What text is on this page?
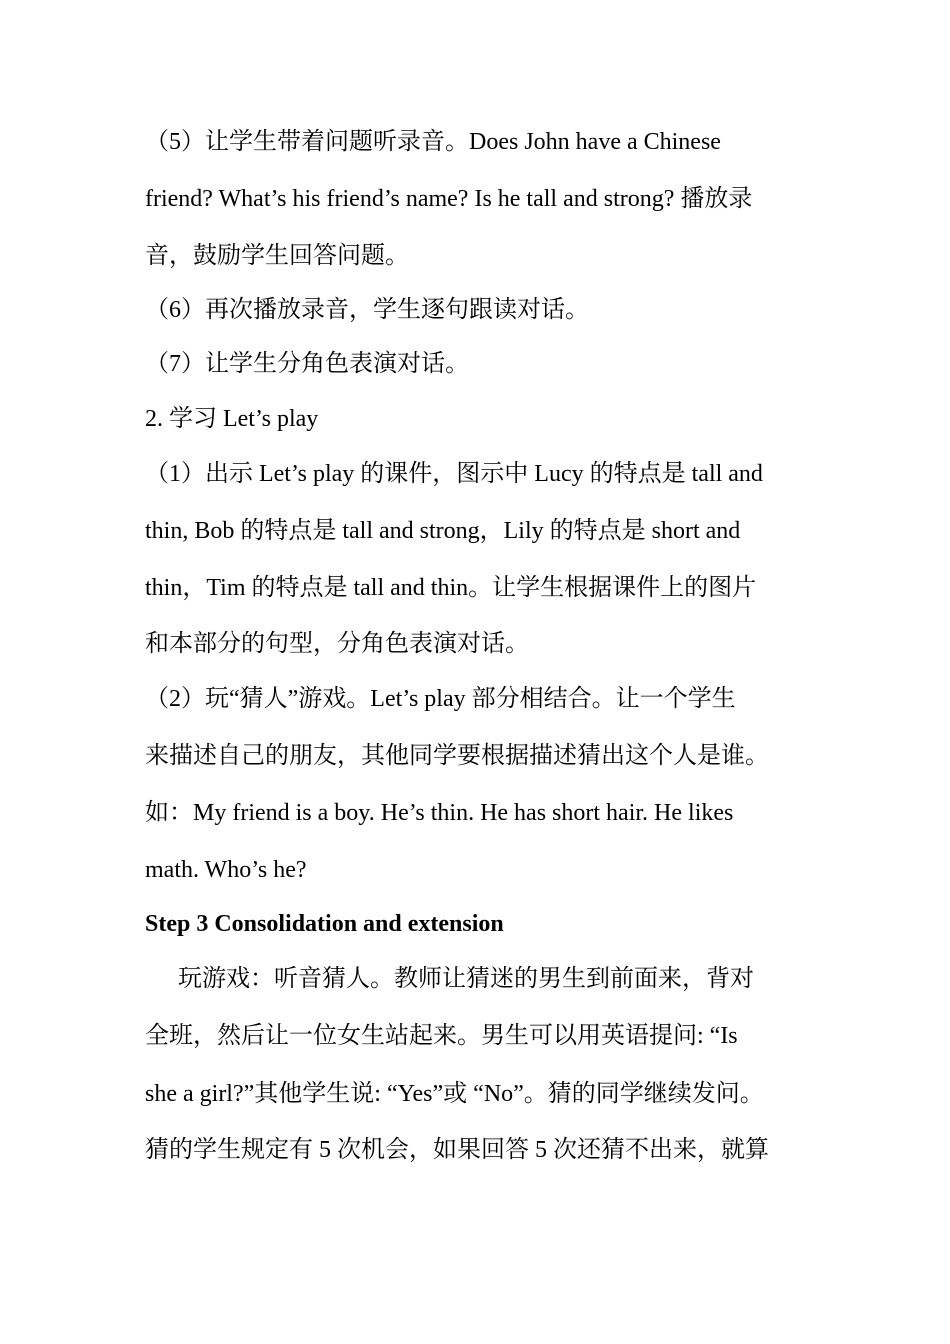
（5）让学生带着问题听录音。Does John have a Chinese
friend? What’s his friend’s name? Is he tall and strong? 播放录
音，鼓励学生回答问题。
（6）再次播放录音，学生逐句跟读对话。
（7）让学生分角色表演对话。
2. 学习 Let’s play
（1）出示 Let’s play 的课件，图示中 Lucy 的特点是 tall and
thin, Bob 的特点是 tall and strong，Lily 的特点是 short and
thin，Tim 的特点是 tall and thin。让学生根据课件上的图片
和本部分的句型，分角色表演对话。
（2）玩“猜人”游戏。Let’s play 部分相结合。让一个学生
来描述自己的朋友，其他同学要根据描述猜出这个人是谁。
如：My friend is a boy. He’s thin. He has short hair. He likes
math. Who’s he?
Step 3 Consolidation and extension
玩游戏：听音猜人。教师让猜迷的男生到前面来，背对
全班，然后让一位女生站起来。男生可以用英语提问: “Is
she a girl?”其他学生说: “Yes”或 “No”。猜的同学继续发问。
猜的学生规定有 5 次机会，如果回答 5 次还猜不出来，就算
